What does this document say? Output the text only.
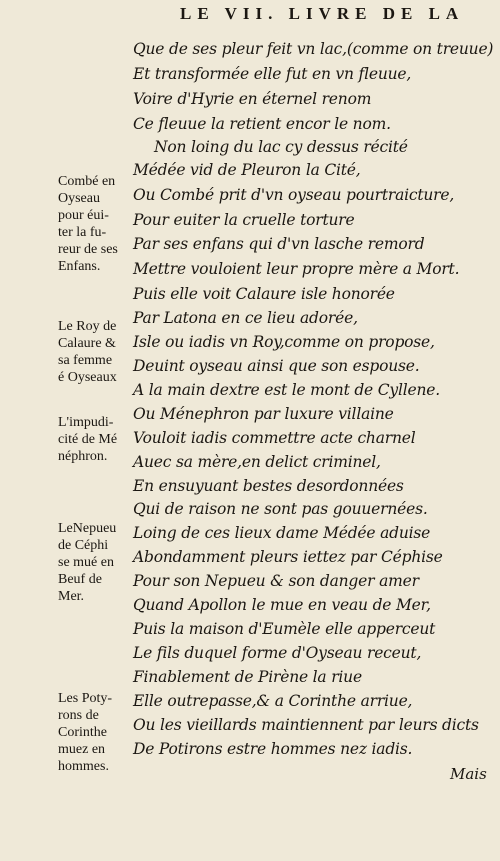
LE VII. LIVRE DE LA
Que de ses pleur feit vn lac,(comme on treuue)
Et transformée elle fut en vn fleuue,
Voire d'Hyrie en éternel renom
Ce fleuue la retient encor le nom.
Non loing du lac cy dessus récité
Médée vid de Pleuron la Cité,
Ou Combé prit d'vn oyseau pourtraicture,
Pour euiter la cruelle torture
Par ses enfans qui d'vn lasche remord
Mettre vouloient leur propre mère a Mort.
Puis elle voit Calaure isle honorée
Par Latona en ce lieu adorée,
Isle ou iadis vn Roy,comme on propose,
Deuint oyseau ainsi que son espouse.
A la main dextre est le mont de Cyllene.
Ou Ménephron par luxure villaine
Vouloit iadis commettre acte charnel
Auec sa mère,en delict criminel,
En ensuyuant bestes desordonnées
Qui de raison ne sont pas gouuernées.
Loing de ces lieux dame Médée aduise
Abondamment pleurs iettez par Céphise
Pour son Nepueu & son danger amer
Quand Apollon le mue en veau de Mer,
Puis la maison d'Eumèle elle apperceut
Le fils duquel forme d'Oyseau receut,
Finablement de Pirène la riue
Elle outrepasse,& a Corinthe arriue,
Ou les vieillards maintiennent par leurs dicts
De Potirons estre hommes nez iadis.
Combé en
Oyseau
pour éui-
ter la fu-
reur de ses
Enfans.
Le Roy de
Calaure &
sa femme
é Oyseaux
L'impudi-
cité de Mé
néphron.
LeNepueu
de Céphi
se mué en
Beuf de
Mer.
Les Poty-
rons de
Corinthe
muez en
hommes.	Mais
